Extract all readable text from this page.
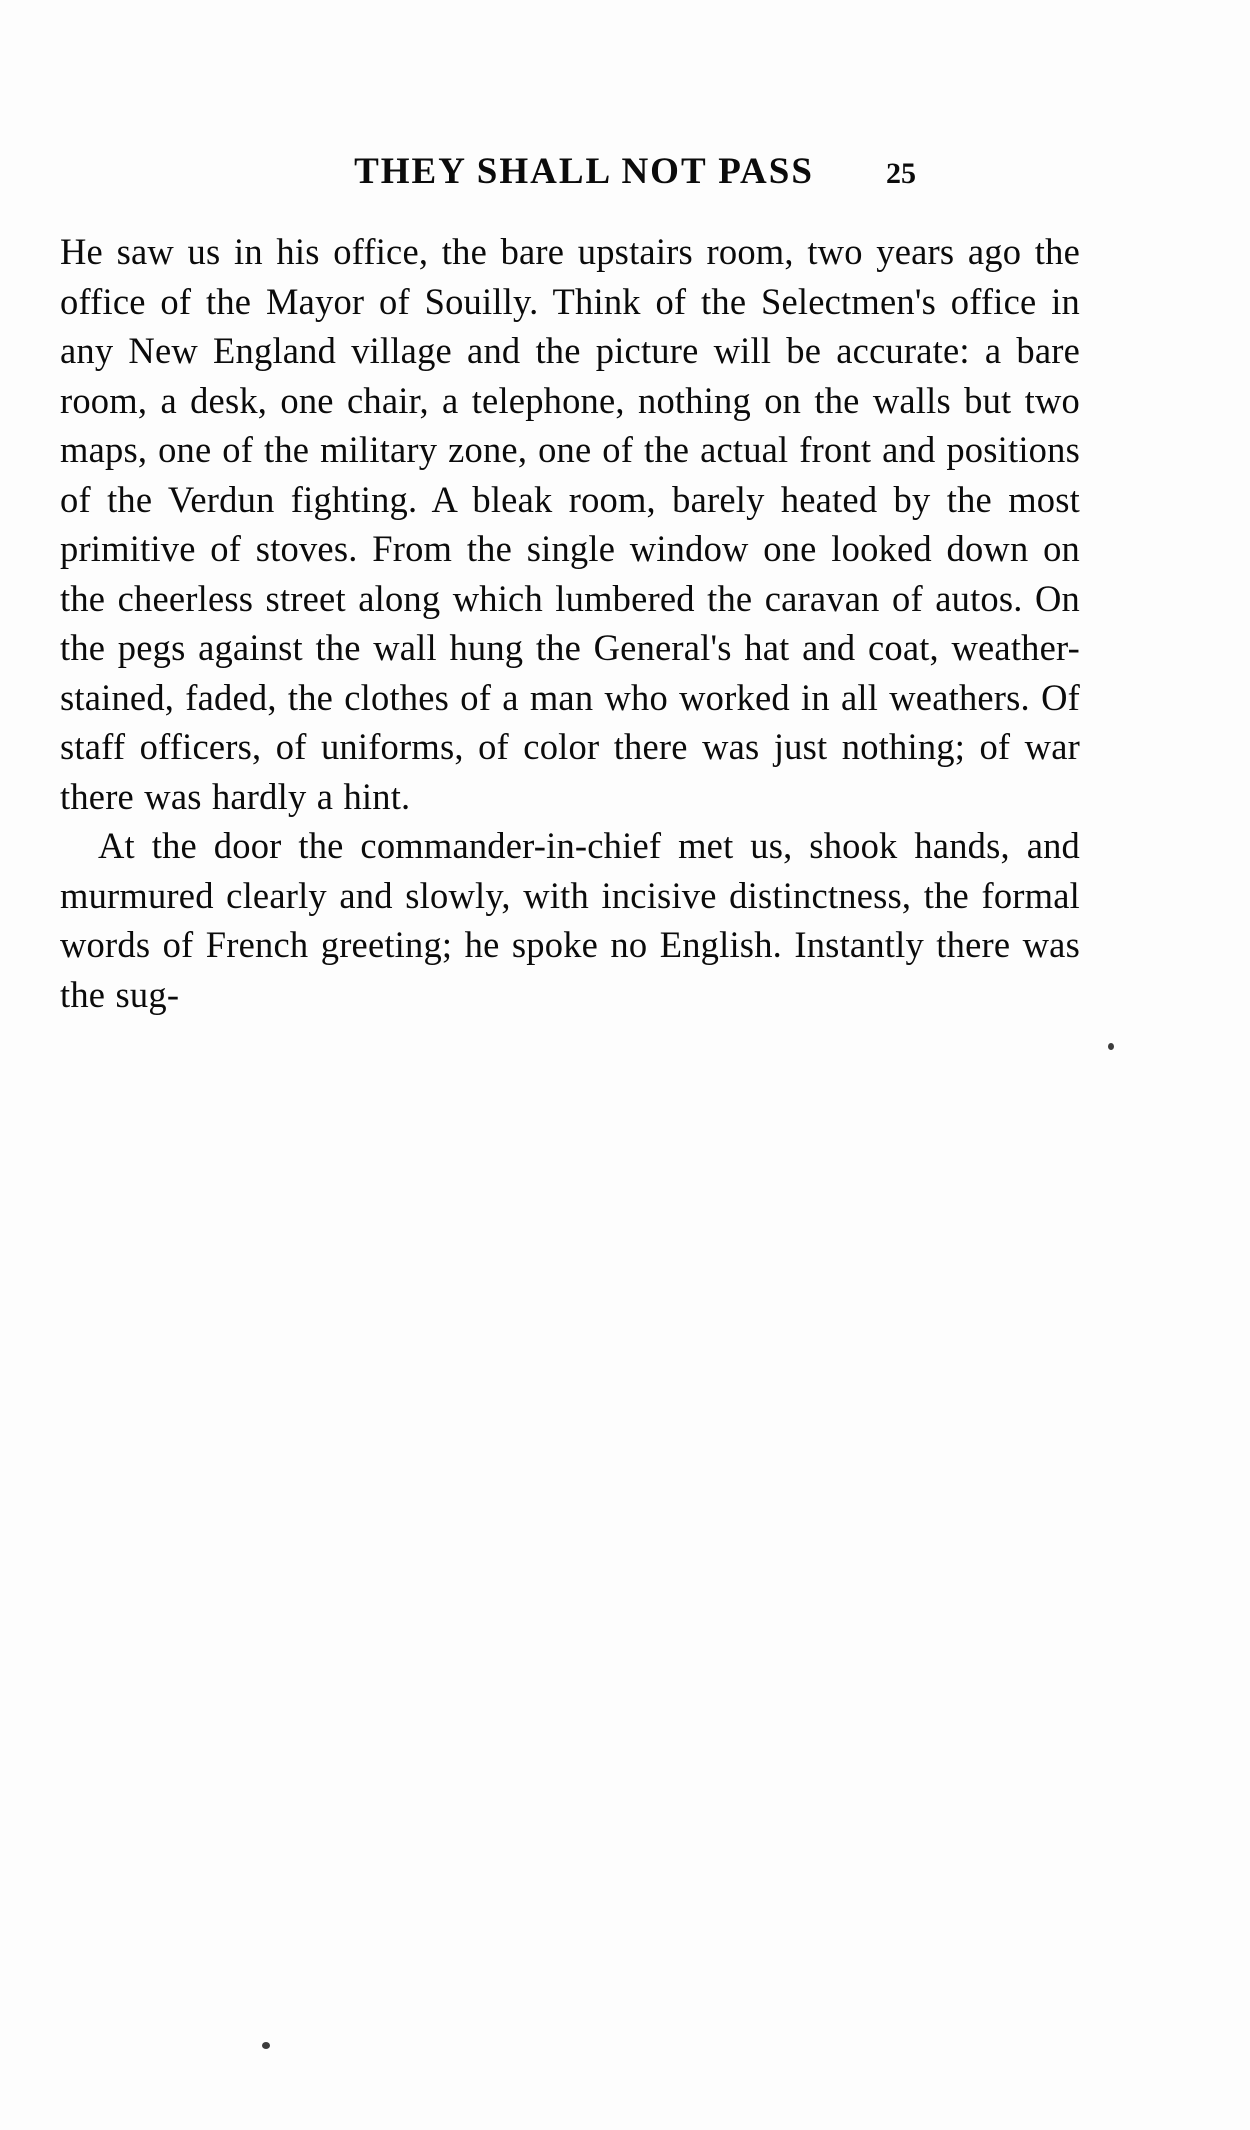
THEY SHALL NOT PASS 25

He saw us in his office, the bare upstairs room, two years ago the office of the Mayor of Souilly. Think of the Selectmen's office in any New England village and the picture will be accurate: a bare room, a desk, one chair, a telephone, nothing on the walls but two maps, one of the military zone, one of the actual front and positions of the Verdun fighting. A bleak room, barely heated by the most primitive of stoves. From the single window one looked down on the cheerless street along which lumbered the caravan of autos. On the pegs against the wall hung the General's hat and coat, weather-stained, faded, the clothes of a man who worked in all weathers. Of staff officers, of uniforms, of color there was just nothing; of war there was hardly a hint.

At the door the commander-in-chief met us, shook hands, and murmured clearly and slowly, with incisive distinctness, the formal words of French greeting; he spoke no English. Instantly there was the sug-
